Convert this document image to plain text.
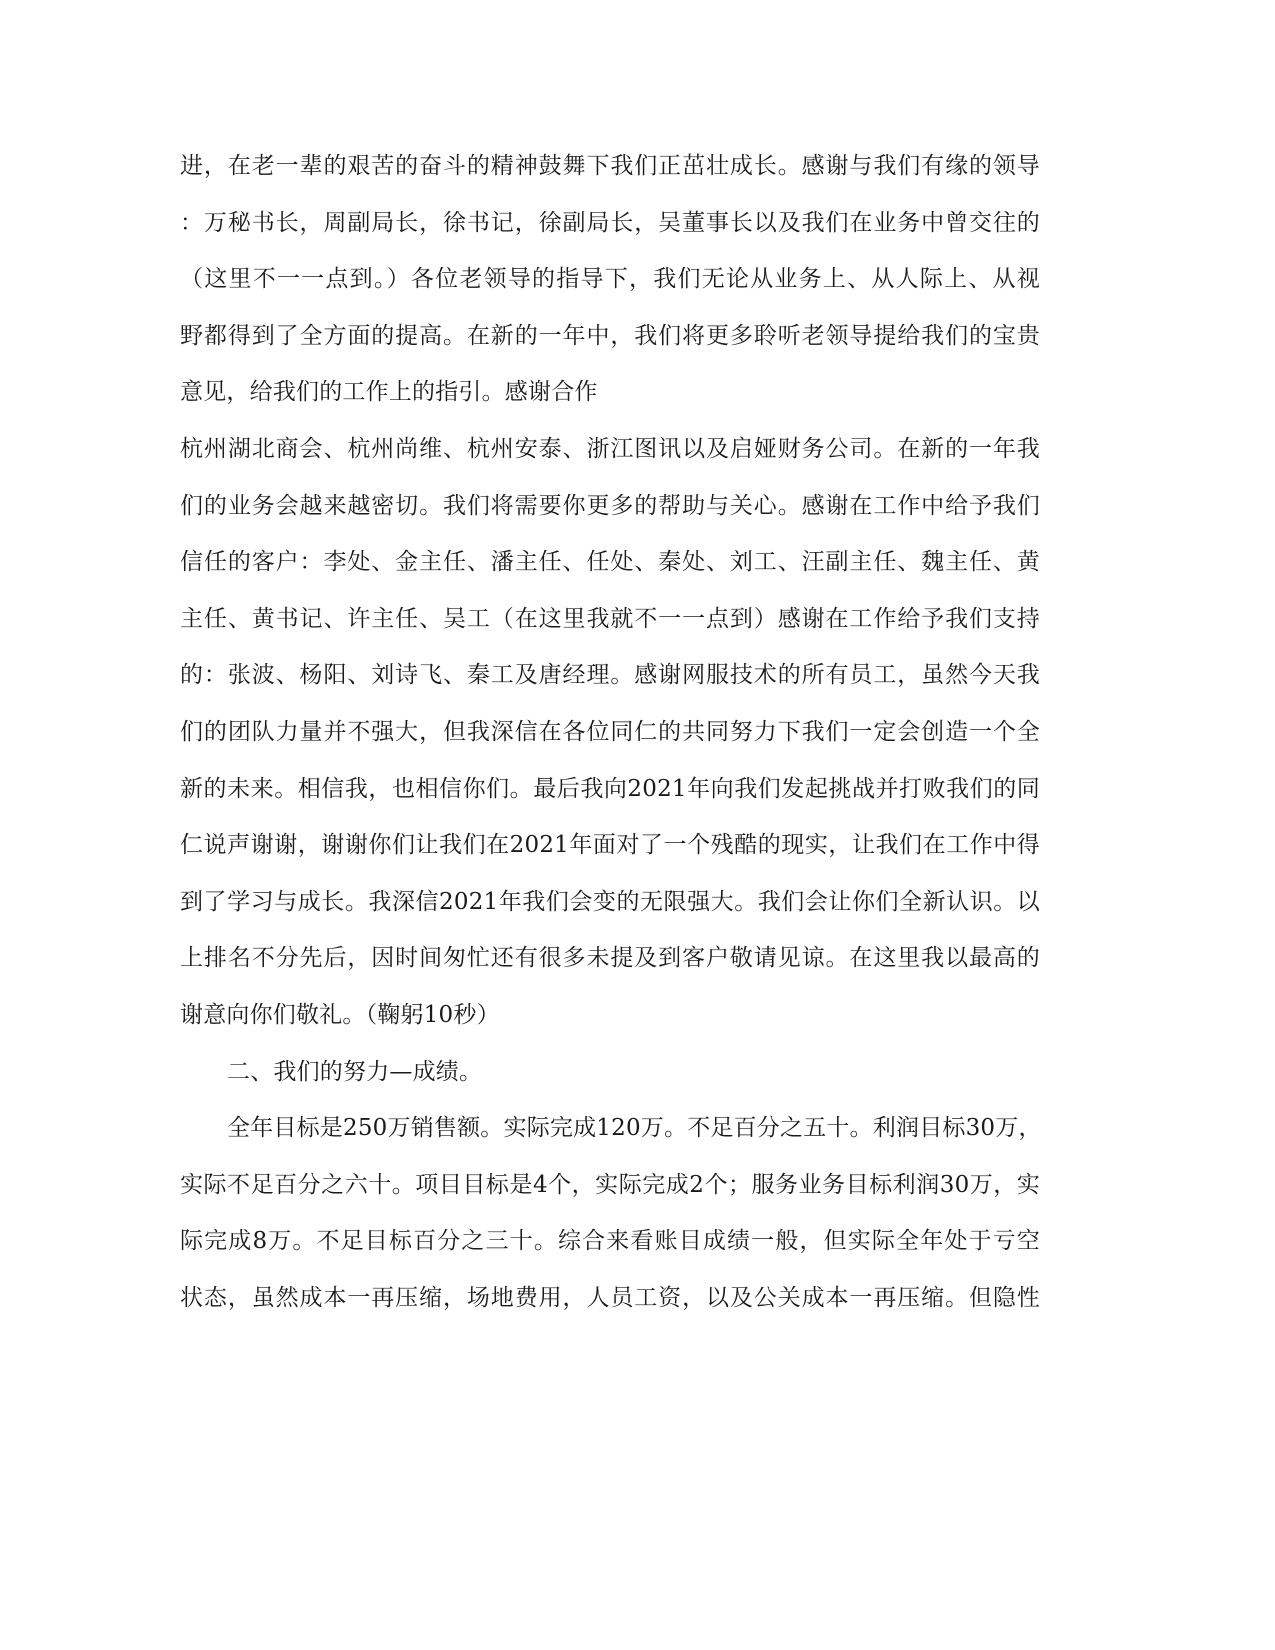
进，在老一辈的艰苦的奋斗的精神鼓舞下我们正茁壮成长。感谢与我们有缘的领导
：万秘书长，周副局长，徐书记，徐副局长，吴董事长以及我们在业务中曾交往的
（这里不一一点到。）各位老领导的指导下，我们无论从业务上、从人际上、从视
野都得到了全方面的提高。在新的一年中，我们将更多聆听老领导提给我们的宝贵
意见，给我们的工作上的指引。感谢合作
杭州湖北商会、杭州尚维、杭州安泰、浙江图讯以及启娅财务公司。在新的一年我
们的业务会越来越密切。我们将需要你更多的帮助与关心。感谢在工作中给予我们
信任的客户：李处、金主任、潘主任、任处、秦处、刘工、汪副主任、魏主任、黄
主任、黄书记、许主任、吴工（在这里我就不一一点到）感谢在工作给予我们支持
的：张波、杨阳、刘诗飞、秦工及唐经理。感谢网服技术的所有员工，虽然今天我
们的团队力量并不强大，但我深信在各位同仁的共同努力下我们一定会创造一个全
新的未来。相信我，也相信你们。最后我向2021年向我们发起挑战并打败我们的同
仁说声谢谢，谢谢你们让我们在2021年面对了一个残酷的现实，让我们在工作中得
到了学习与成长。我深信2021年我们会变的无限强大。我们会让你们全新认识。以
上排名不分先后，因时间匆忙还有很多未提及到客户敬请见谅。在这里我以最高的
谢意向你们敬礼。（鞠躬10秒）
二、我们的努力—成绩。
全年目标是250万销售额。实际完成120万。不足百分之五十。利润目标30万，
实际不足百分之六十。项目目标是4个，实际完成2个；服务业务目标利润30万，实
际完成8万。不足目标百分之三十。综合来看账目成绩一般，但实际全年处于亏空
状态，虽然成本一再压缩，场地费用，人员工资，以及公关成本一再压缩。但隐性
